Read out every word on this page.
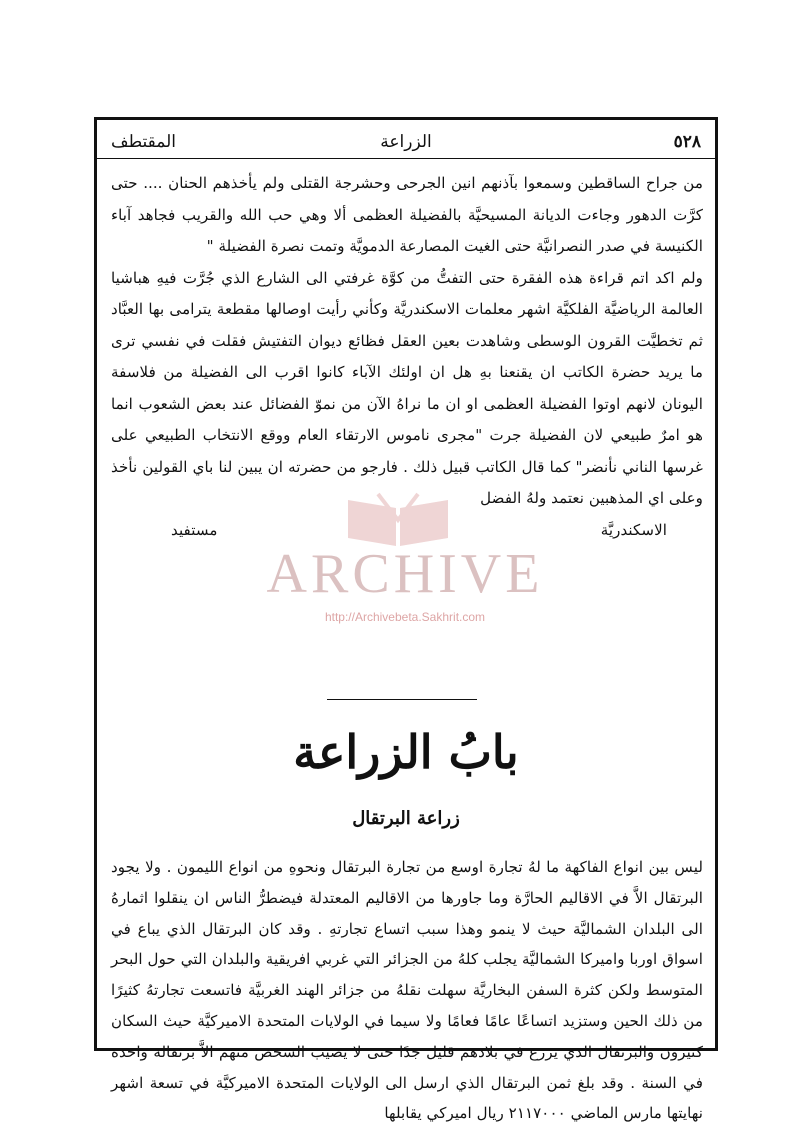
٥٢٨
الزراعة
المقتطف

من جراح الساقطين وسمعوا بآذنهم انين الجرحى وحشرجة القتلى ولم يأخذهم الحنان .... حتى كرَّت الدهور وجاءت الديانة المسيحيَّة بالفضيلة العظمى ألا وهي حب الله والقريب فجاهد آباء الكنيسة في صدر النصرانيَّة حتى الغيت المصارعة الدمويَّة وتمت نصرة الفضيلة "

ولم اكد اتم قراءة هذه الفقرة حتى التفتُّ من كوَّة غرفتي الى الشارع الذي جُرَّت فيهِ هباشيا العالمة الرياضيَّة الفلكيَّة اشهر معلمات الاسكندريَّة وكأني رأيت اوصالها مقطعة يترامى بها العبَّاد ثم تخطيَّت القرون الوسطى وشاهدت بعين العقل فظائع ديوان التفتيش فقلت في نفسي ترى ما يريد حضرة الكاتب ان يقنعنا بهِ هل ان اولئك الآباء كانوا اقرب الى الفضيلة من فلاسفة اليونان لانهم اوتوا الفضيلة العظمى او ان ما نراهُ الآن من نموّ الفضائل عند بعض الشعوب انما هو امرٌ طبيعي لان الفضيلة جرت "مجرى ناموس الارتقاء العام ووقع الانتخاب الطبيعي على غرسها الناني نأنضر" كما قال الكاتب قبيل ذلك . فارجو من حضرته ان يبين لنا باي القولين نأخذ وعلى اي المذهبين نعتمد ولهُ الفضل

الاسكندريَّة
مستفيد
بابُ الزراعة
زراعة البرتقال

ليس بين انواع الفاكهة ما لهُ تجارة اوسع من تجارة البرتقال ونحوهِ من انواع الليمون . ولا يجود البرتقال الاَّ في الاقاليم الحارَّة وما جاورها من الاقاليم المعتدلة فيضطرُّ الناس ان ينقلوا اثمارهُ الى البلدان الشماليَّة حيث لا ينمو وهذا سبب اتساع تجارتهِ . وقد كان البرتقال الذي يباع في اسواق اوربا واميركا الشماليَّة يجلب كلهُ من الجزائر التي غربي افريقية والبلدان التي حول البحر المتوسط ولكن كثرة السفن البخاريَّة سهلت نقلهُ من جزائر الهند الغربيَّة فاتسعت تجارتهُ كثيرًا من ذلك الحين وستزيد اتساعًا عامًا فعامًا ولا سيما في الولايات المتحدة الاميركيَّة حيث السكان كثيرون والبرتقال الذي يزرع في بلادهم قليل جدًا حتى لا يصيب الشخص منهم الاَّ برتقالة واحدة في السنة . وقد بلغ ثمن البرتقال الذي ارسل الى الولايات المتحدة الاميركيَّة في تسعة اشهر نهايتها مارس الماضي ٢١١٧٠٠٠ ريال اميركي يقابلها

ARCHIVE
http://Archivebeta.Sakhrit.com
